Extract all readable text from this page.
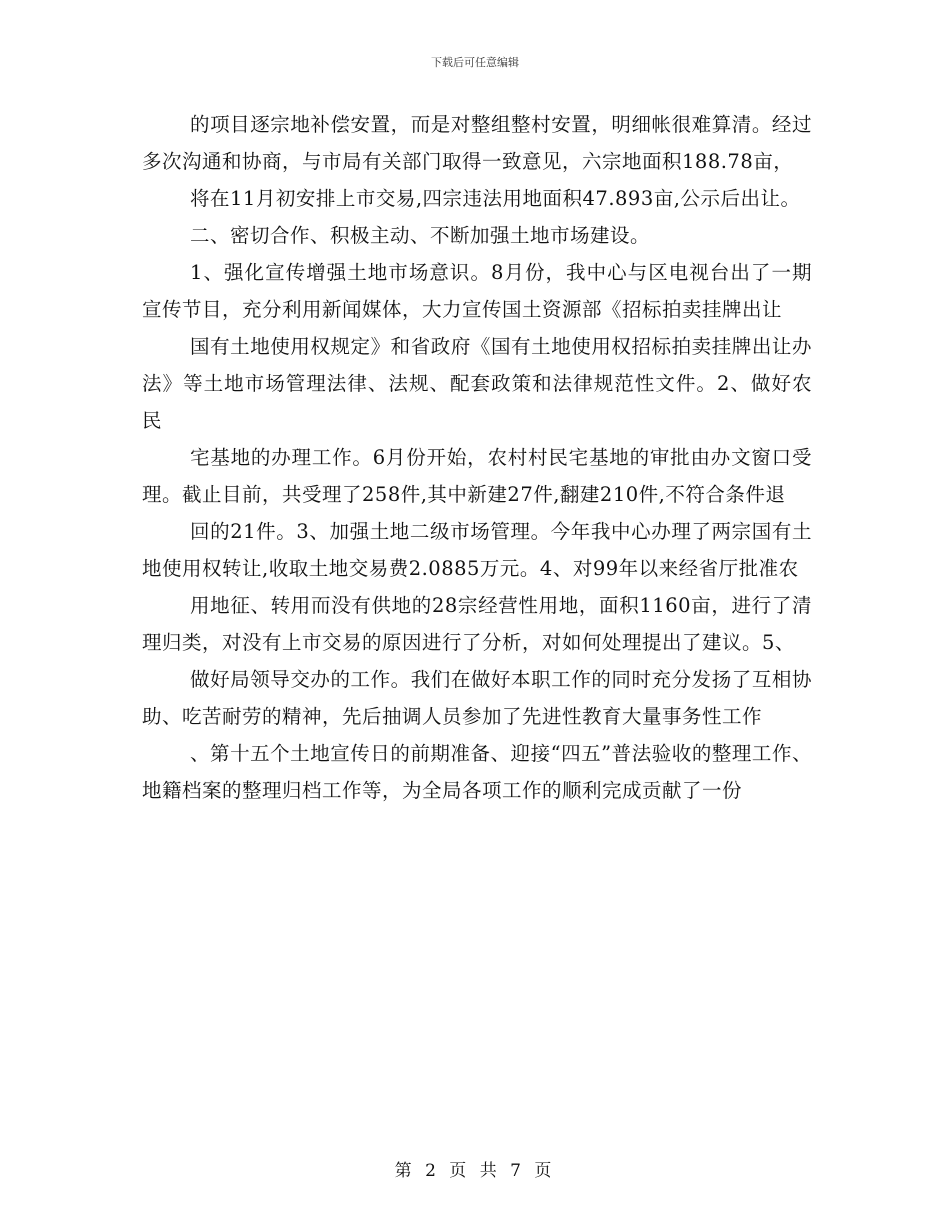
下载后可任意编辑

的项目逐宗地补偿安置，而是对整组整村安置，明细帐很难算清。经过多次沟通和协商，与市局有关部门取得一致意见，六宗地面积188.78亩，

将在11月初安排上市交易,四宗违法用地面积47.893亩,公示后出让。

二、密切合作、积极主动、不断加强土地市场建设。

1、强化宣传增强土地市场意识。8月份，我中心与区电视台出了一期宣传节目，充分利用新闻媒体，大力宣传国土资源部《招标拍卖挂牌出让

国有土地使用权规定》和省政府《国有土地使用权招标拍卖挂牌出让办法》等土地市场管理法律、法规、配套政策和法律规范性文件。2、做好农民

宅基地的办理工作。6月份开始，农村村民宅基地的审批由办文窗口受理。截止目前，共受理了258件,其中新建27件,翻建210件,不符合条件退

回的21件。3、加强土地二级市场管理。今年我中心办理了两宗国有土地使用权转让,收取土地交易费2.0885万元。4、对99年以来经省厅批准农

用地征、转用而没有供地的28宗经营性用地，面积1160亩，进行了清理归类，对没有上市交易的原因进行了分析，对如何处理提出了建议。5、

做好局领导交办的工作。我们在做好本职工作的同时充分发扬了互相协助、吃苦耐劳的精神，先后抽调人员参加了先进性教育大量事务性工作

、第十五个土地宣传日的前期准备、迎接“四五”普法验收的整理工作、地籍档案的整理归档工作等，为全局各项工作的顺利完成贡献了一份

第 2 页 共 7 页
